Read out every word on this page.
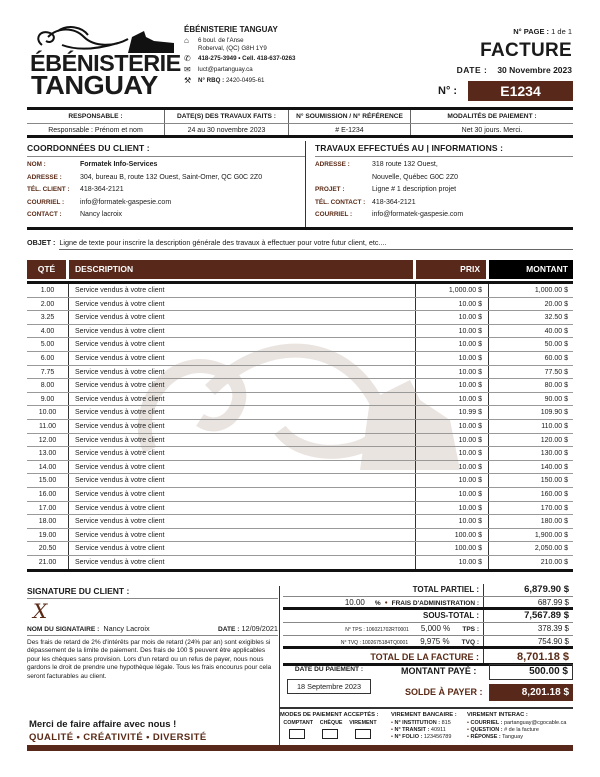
ÉBÉNISTERIE
TANGUAY
ÉBÉNISTERIE TANGUAY
⌂	6 boul. de l'Anse
Roberval, (QC) G8H 1Y9
✆	418-275-3949 • Cell. 418-637-0263
✉	luct@partanguay.ca
⚒	N° RBQ :
2420-0495-61
N° PAGE : 1 de 1
FACTURE
DATE : 30 Novembre 2023
N° :	E1234
RESPONSABLE :	DATE(S) DES TRAVAUX FAITS :	N° SOUMISSION / N° RÉFÉRENCE	MODALITÉS DE PAIEMENT :
Responsable : Prénom et nom	24 au 30 novembre 2023	# E-1234	Net 30 jours. Merci.
COORDONNÉES DU CLIENT :
NOM :	Formatek Info-Services
ADRESSE :	304, bureau B, route 132 Ouest, Saint-Omer, QC G0C 2Z0
TÉL. CLIENT :	418-364-2121
COURRIEL :	info@formatek-gaspesie.com
CONTACT :	Nancy lacroix
TRAVAUX EFFECTUÉS AU | INFORMATIONS :
ADRESSE :	318 route 132 Ouest,
Nouvelle, Québec G0C 2Z0
PROJET :	Ligne # 1 description projet
TÉL. CONTACT : 418-364-2121
COURRIEL :	info@formatek-gaspesie.com
OBJET : Ligne de texte pour inscrire la description générale des travaux à effectuer pour votre futur client, etc....
QTÉ	DESCRIPTION	PRIX	MONTANT
1.00	Service vendus à votre client	1,000.00 $	1,000.00 $
2.00	Service vendus à votre client	10.00 $	20.00 $
3.25	Service vendus à votre client	10.00 $	32.50 $
4.00	Service vendus à votre client	10.00 $	40.00 $
5.00	Service vendus à votre client	10.00 $	50.00 $
6.00	Service vendus à votre client	10.00 $	60.00 $
7.75	Service vendus à votre client	10.00 $	77.50 $
8.00	Service vendus à votre client	10.00 $	80.00 $
9.00	Service vendus à votre client	10.00 $	90.00 $
10.00	Service vendus à votre client	10.99 $	109.90 $
11.00	Service vendus à votre client	10.00 $	110.00 $
12.00	Service vendus à votre client	10.00 $	120.00 $
13.00	Service vendus à votre client	10.00 $	130.00 $
14.00	Service vendus à votre client	10.00 $	140.00 $
15.00	Service vendus à votre client	10.00 $	150.00 $
16.00	Service vendus à votre client	10.00 $	160.00 $
17.00	Service vendus à votre client	10.00 $	170.00 $
18.00	Service vendus à votre client	10.00 $	180.00 $
19.00	Service vendus à votre client	100.00 $	1,900.00 $
20.50	Service vendus à votre client	100.00 $	2,050.00 $
21.00	Service vendus à votre client	10.00 $	210.00 $
SIGNATURE DU CLIENT :
X
NOM DU SIGNATAIRE : Nancy Lacroix	DATE : 12/09/2021
Des frais de retard de 2% d'intérêts par mois de retard (24% par an) sont exigibles si dépassement de la limite de paiement. Des frais de 100 $ peuvent être applicables pour les chèques sans provision. Lors d'un retard ou un refus de payer, nous nous gardons le droit de prendre une hypothèque légale. Tous les frais encourus pour cela seront facturables au client.
Merci de faire affaire avec nous !
QUALITÉ • CRÉATIVITÉ • DIVERSITÉ
TOTAL PARTIEL :	6,879.90 $
10.00 %  •  FRAIS D'ADMINISTRATION :	687.99 $
SOUS-TOTAL :	7,567.89 $
N° TPS : 106021702RT0001 5,000 % TPS :	378.39 $
N° TVQ : 1002675184TQ0001 9,975 % TVQ :	754.90 $
TOTAL DE LA FACTURE :	8,701.18 $
DATE DU PAIEMENT :
18 Septembre 2023
MONTANT PAYÉ :	500.00 $
SOLDE À PAYER :	8,201.18 $
MODES DE PAIEMENT ACCEPTÉS :
COMPTANT CHÈQUE VIREMENT
VIREMENT BANCAIRE :
• N° INSTITUTION : 815
• N° TRANSIT : 40911
• N° FOLIO : 123456789
VIREMENT INTERAC :
• COURRIEL : partanguay@cgocable.ca
• QUESTION : # de la facture
• RÉPONSE : Tanguay
